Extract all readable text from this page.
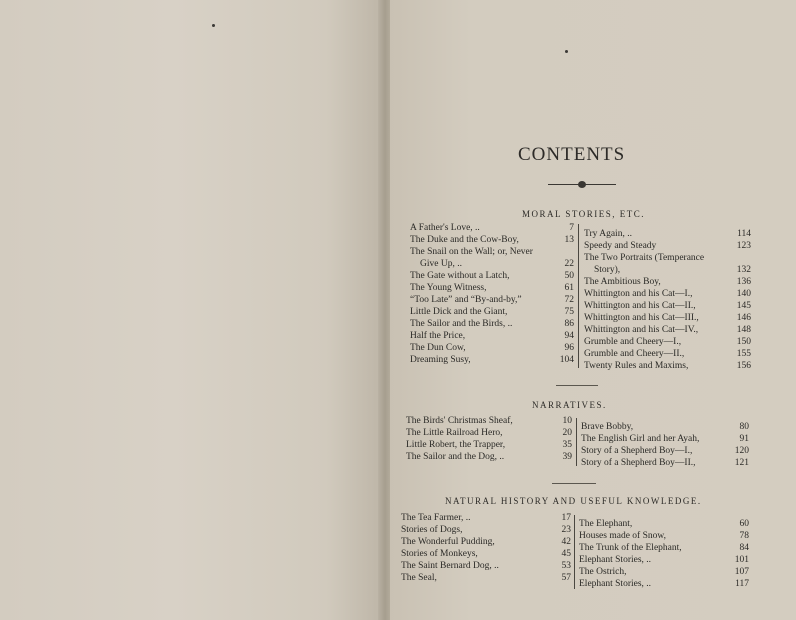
CONTENTS
MORAL STORIES, ETC.
A Father's Love, ..	7
The Duke and the Cow-Boy,	13
The Snail on the Wall; or, Never
Give Up, ..	22
The Gate without a Latch,	50
The Young Witness,	61
“Too Late” and “By-and-by,”	72
Little Dick and the Giant,	75
The Sailor and the Birds, ..	86
Half the Price,	94
The Dun Cow,	96
Dreaming Susy,	104
Try Again, ..	114
Speedy and Steady	123
The Two Portraits (Temperance
Story),	132
The Ambitious Boy,	136
Whittington and his Cat—I.,	140
Whittington and his Cat—II.,	145
Whittington and his Cat—III.,	146
Whittington and his Cat—IV.,	148
Grumble and Cheery—I.,	150
Grumble and Cheery—II.,	155
Twenty Rules and Maxims,	156
NARRATIVES.
The Birds' Christmas Sheaf,	10
The Little Railroad Hero,	20
Little Robert, the Trapper,	35
The Sailor and the Dog, ..	39
Brave Bobby,	80
The English Girl and her Ayah,	91
Story of a Shepherd Boy—I.,	120
Story of a Shepherd Boy—II.,	121
NATURAL HISTORY AND USEFUL KNOWLEDGE.
The Tea Farmer, ..	17
Stories of Dogs,	23
The Wonderful Pudding,	42
Stories of Monkeys,	45
The Saint Bernard Dog, ..	53
The Seal,	57
The Elephant,	60
Houses made of Snow,	78
The Trunk of the Elephant,	84
Elephant Stories, ..	101
The Ostrich,	107
Elephant Stories, ..	117
